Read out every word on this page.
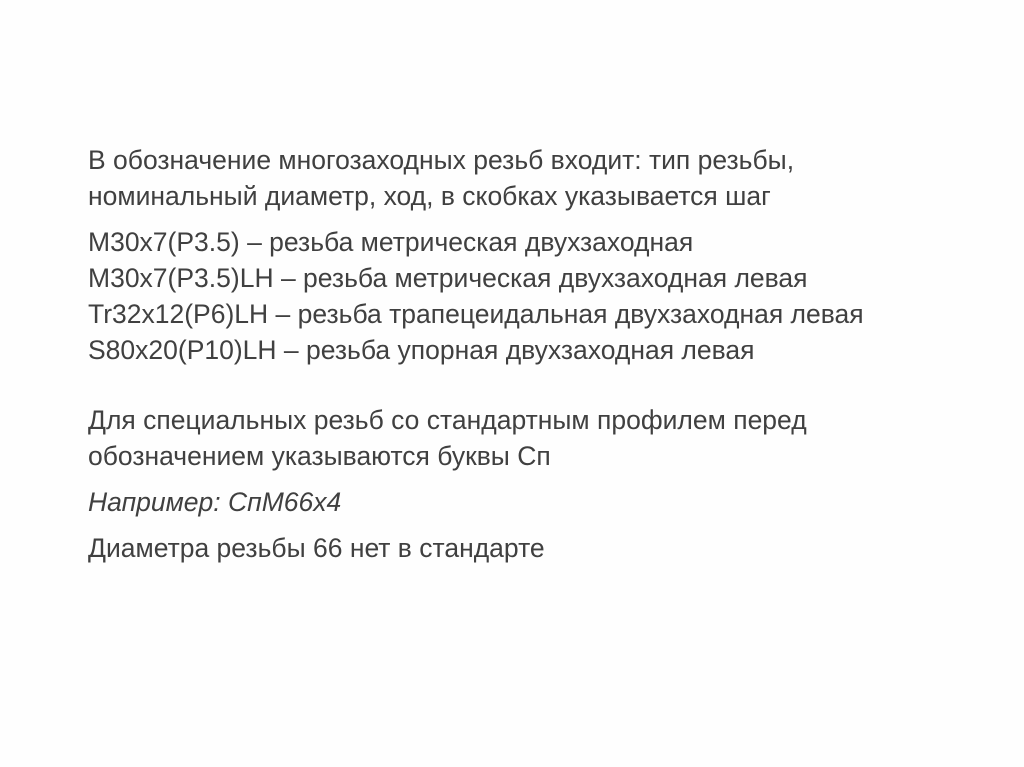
В обозначение многозаходных резьб входит: тип резьбы,
номинальный диаметр, ход, в скобках указывается шаг

M30x7(P3.5) – резьба метрическая двухзаходная
M30x7(P3.5)LH – резьба метрическая двухзаходная левая
Tr32x12(P6)LH – резьба трапецеидальная двухзаходная левая
S80x20(P10)LH – резьба упорная двухзаходная левая

Для специальных резьб со стандартным профилем перед
обозначением указываются буквы Сп

Например: СпМ66х4

Диаметра резьбы 66 нет в стандарте
